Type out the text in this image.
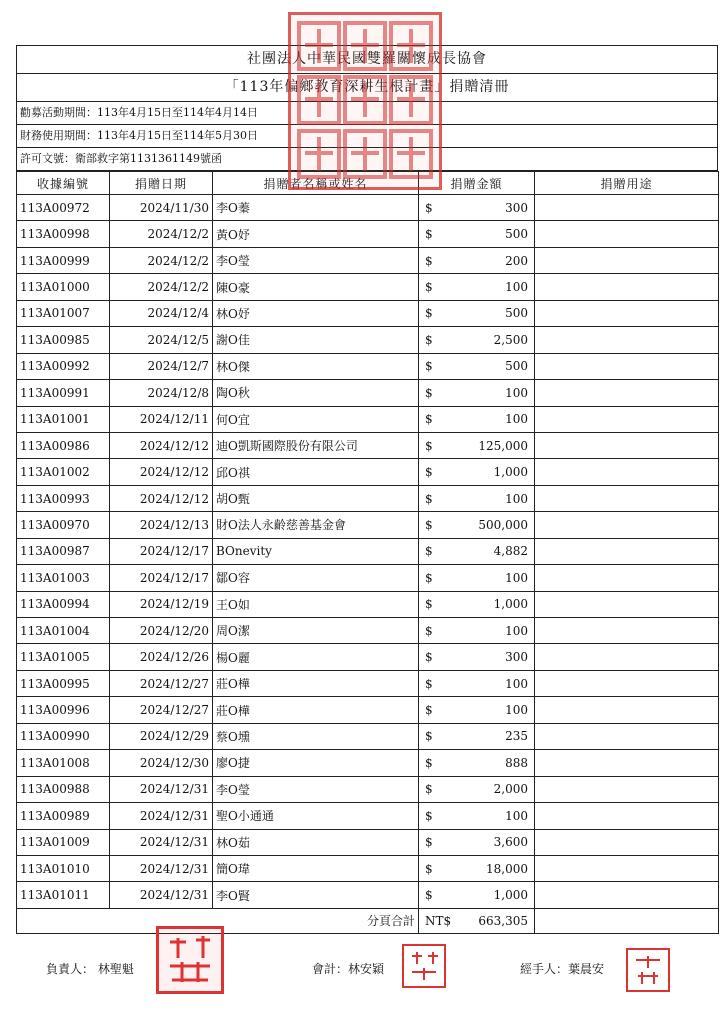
社團法人中華民國雙羅關懷成長協會
「113年偏鄉教育深耕生根計畫」捐贈清冊
勸募活動期間：113年4月15日至114年4月14日
財務使用期間：113年4月15日至114年5月30日
許可文號：衛部救字第1131361149號函
收據編號	捐贈日期	捐贈者名稱或姓名	捐贈金額	捐贈用途
113A00972	2024/11/30	李O蓁	$ 300	

113A00998	2024/12/2	黃O妤	$ 500	

113A00999	2024/12/2	李O瑩	$ 200	

113A01000	2024/12/2	陳O豪	$ 100	

113A01007	2024/12/4	林O妤	$ 500	

113A00985	2024/12/5	謝O佳	$ 2,500	

113A00992	2024/12/7	林O傑	$ 500	

113A00991	2024/12/8	陶O秋	$ 100	

113A01001	2024/12/11	何O宜	$ 100	

113A00986	2024/12/12	迪O凱斯國際股份有限公司	$ 125,000	

113A01002	2024/12/12	邱O祺	$ 1,000	

113A00993	2024/12/12	胡O甄	$ 100	

113A00970	2024/12/13	財O法人永齡慈善基金會	$ 500,000	

113A00987	2024/12/17	BOnevity	$ 4,882	

113A01003	2024/12/17	鄒O容	$ 100	

113A00994	2024/12/19	王O如	$ 1,000	

113A01004	2024/12/20	周O潔	$ 100	

113A01005	2024/12/26	楊O麗	$ 300	

113A00995	2024/12/27	莊O樺	$ 100	

113A00996	2024/12/27	莊O樺	$ 100	

113A00990	2024/12/29	蔡O壎	$ 235	

113A01008	2024/12/30	廖O捷	$ 888	

113A00988	2024/12/31	李O瑩	$ 2,000	

113A00989	2024/12/31	聖O小通通	$ 100	

113A01009	2024/12/31	林O茹	$ 3,600	

113A01010	2024/12/31	簡O瑋	$ 18,000	

113A01011	2024/12/31	李O賢	$ 1,000	

分頁合計			NT$ 663,305	

負責人： 林聖魁	會計：林安穎	經手人：葉晨安
